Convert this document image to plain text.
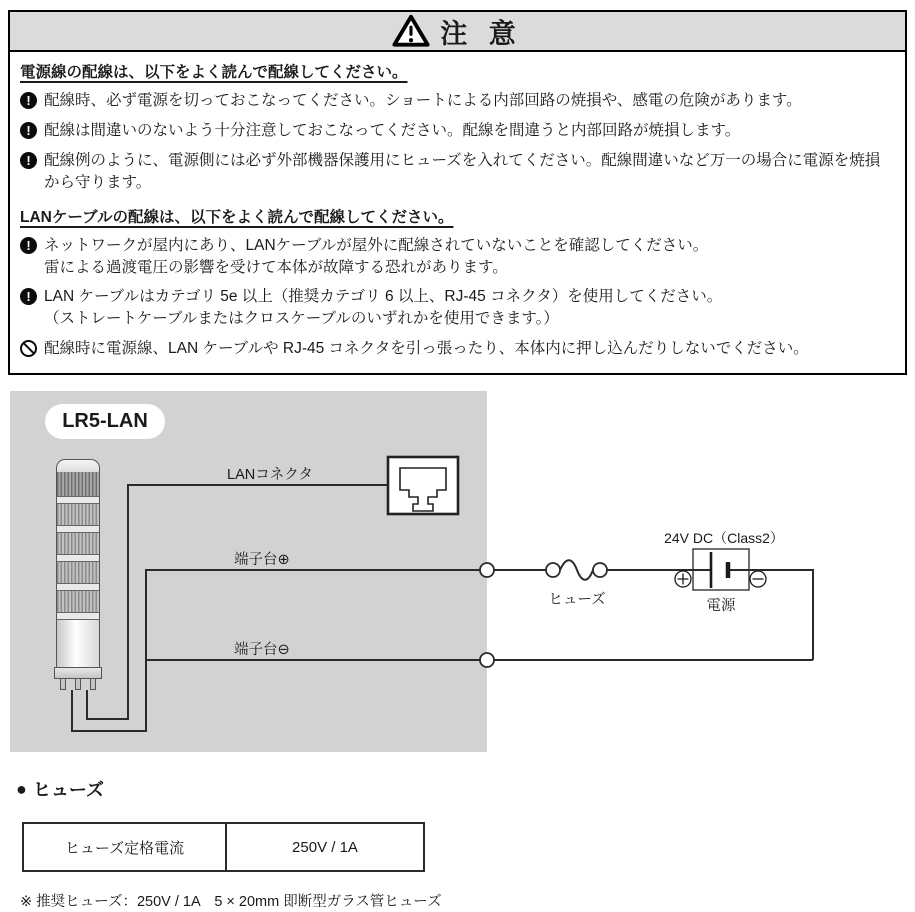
注 意
電源線の配線は、以下をよく読んで配線してください。
!
配線時、必ず電源を切っておこなってください。ショートによる内部回路の焼損や、感電の危険があります。
!
配線は間違いのないよう十分注意しておこなってください。配線を間違うと内部回路が焼損します。
!
配線例のように、電源側には必ず外部機器保護用にヒューズを入れてください。配線間違いなど万一の場合に電源を焼損
から守ります。
LANケーブルの配線は、以下をよく読んで配線してください。
!
ネットワークが屋内にあり、LANケーブルが屋外に配線されていないことを確認してください。
雷による過渡電圧の影響を受けて本体が故障する恐れがあります。
!
LAN ケーブルはカテゴリ 5e 以上（推奨カテゴリ 6 以上、RJ-45 コネクタ）を使用してください。
（ストレートケーブルまたはクロスケーブルのいずれかを使用できます。）
配線時に電源線、LAN ケーブルや RJ-45 コネクタを引っ張ったり、本体内に押し込んだりしないでください。
LR5-LAN
LANコネクタ
端子台⊕
端子台⊖
ヒューズ
24V DC（Class2）
電源
● ヒューズ
ヒューズ定格電流	250V / 1A
※ 推奨ヒューズ：250V / 1A　5 × 20mm 即断型ガラス管ヒューズ
